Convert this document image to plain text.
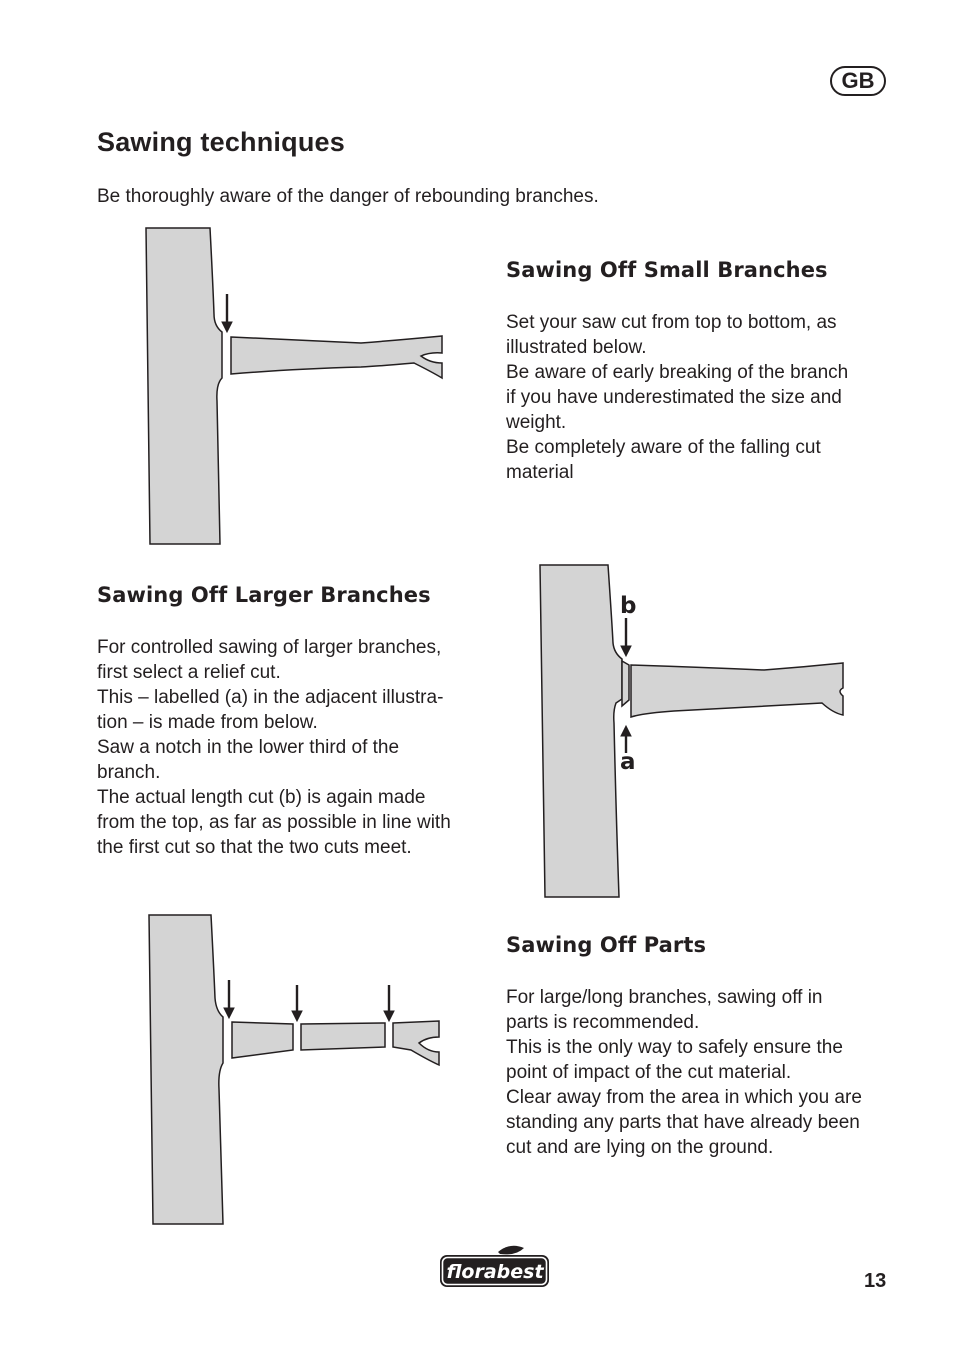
GB
Sawing techniques

Be thoroughly aware of the danger of rebounding branches.

Sawing Off Small Branches

Set your saw cut from top to bottom, as

illustrated below.

Be aware of early breaking of the branch

if you have underestimated the size and

weight.

Be completely aware of the falling cut

material

Sawing Off Larger Branches

For controlled sawing of larger branches,

first select a relief cut.

This – labelled (a) in the adjacent illustra-

tion – is made from below.

Saw a notch in the lower third of the

branch.

The actual length cut (b) is again made

from the top, as far as possible in line with

the first cut so that the two cuts meet.

b
a
Sawing Off Parts

For large/long branches, sawing off in

parts is recommended.

This is the only way to safely ensure the

point of impact of the cut material.

Clear away from the area in which you are

standing any parts that have already been

cut and are lying on the ground.

florabest	13
